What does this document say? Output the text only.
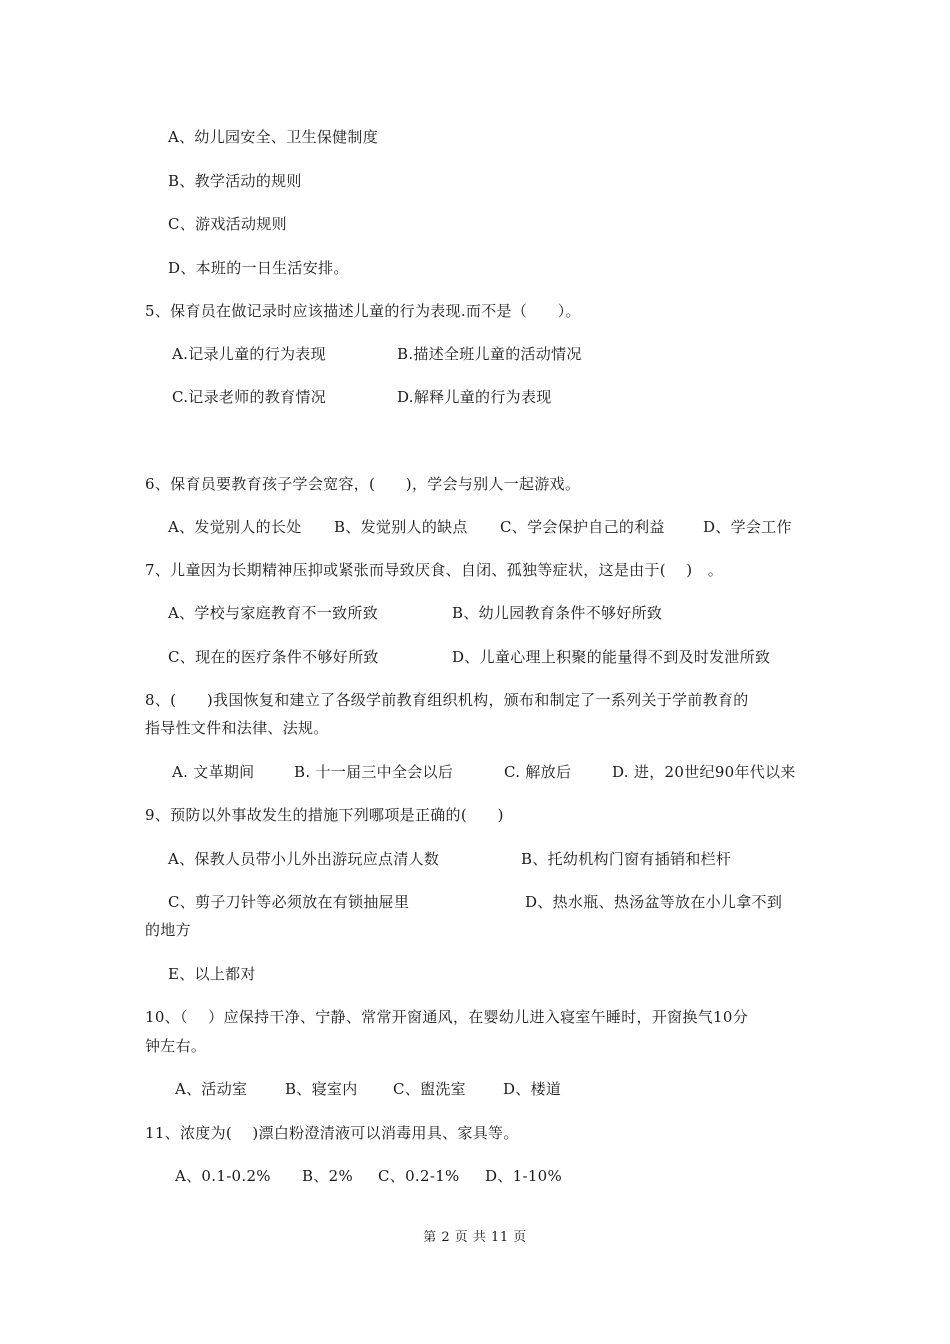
A、幼儿园安全、卫生保健制度
B、教学活动的规则
C、游戏活动规则
D、本班的一日生活安排。
5、保育员在做记录时应该描述儿童的行为表现.而不是（　　）。
A.记录儿童的行为表现	B.描述全班儿童的活动情况
C.记录老师的教育情况	D.解释儿童的行为表现
6、保育员要教育孩子学会宽容，(　　)，学会与别人一起游戏。
A、发觉别人的长处 B、发觉别人的缺点 C、学会保护自己的利益	D、学会工作
7、儿童因为长期精神压抑或紧张而导致厌食、自闭、孤独等症状，这是由于(　 )　。
A、学校与家庭教育不一致所致	B、幼儿园教育条件不够好所致
C、现在的医疗条件不够好所致	D、儿童心理上积聚的能量得不到及时发泄所致
8、(　　)我国恢复和建立了各级学前教育组织机构，颁布和制定了一系列关于学前教育的
指导性文件和法律、法规。
A. 文革期间	B. 十一届三中全会以后	C. 解放后	D. 进，20世纪90年代以来
9、预防以外事故发生的措施下列哪项是正确的(　　)
A、保教人员带小儿外出游玩应点清人数	B、托幼机构门窗有插销和栏杆
C、剪子刀针等必须放在有锁抽屉里	D、热水瓶、热汤盆等放在小儿拿不到
的地方
E、以上都对
10、（　 ）应保持干净、宁静、常常开窗通风，在婴幼儿进入寝室午睡时，开窗换气10分
钟左右。
A、活动室	B、寝室内 C、盥洗室 D、楼道
11、浓度为(　 )漂白粉澄清液可以消毒用具、家具等。
A、0.1-0.2% B、2% C、0.2-1% D、1-10%
第 2 页 共 11 页
